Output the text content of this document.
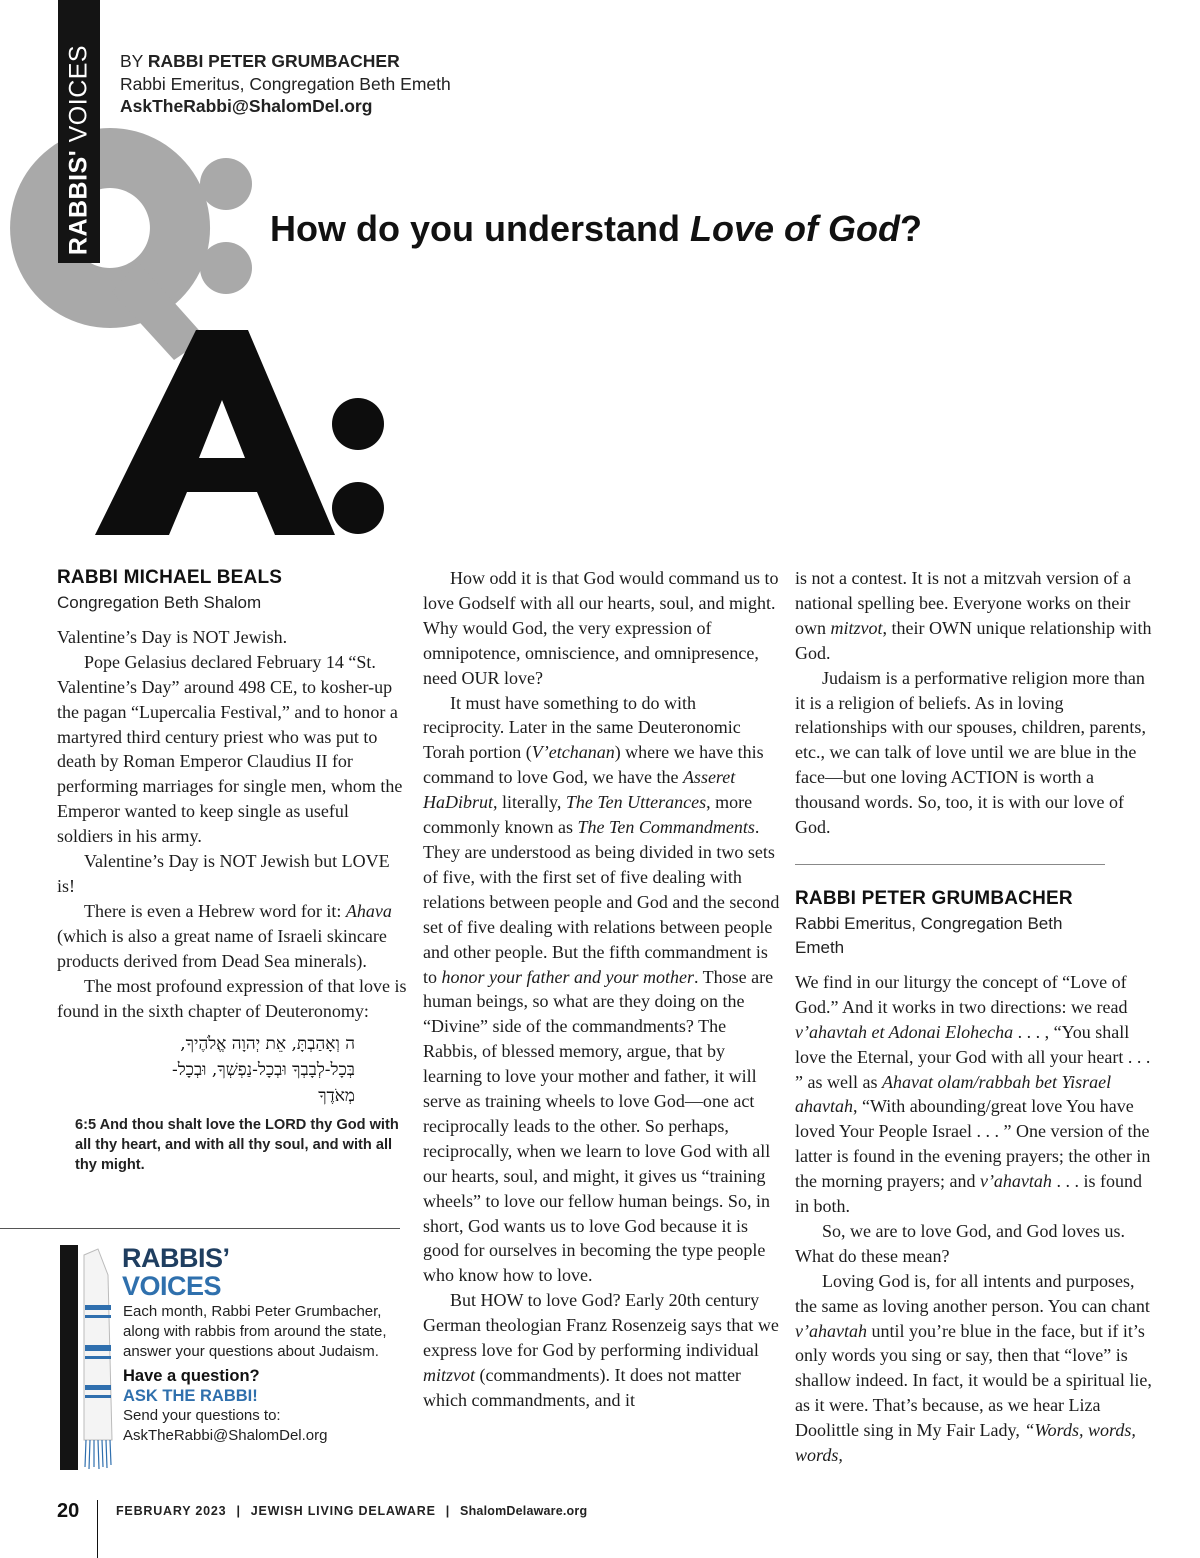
RABBIS' VOICES BY RABBI PETER GRUMBACHER
Rabbi Emeritus, Congregation Beth Emeth
AskTheRabbi@ShalomDel.org
How do you understand Love of God?
RABBI MICHAEL BEALS
Congregation Beth Shalom

Valentine’s Day is NOT Jewish.

Pope Gelasius declared February 14 “St. Valentine’s Day” around 498 CE, to kosher-up the pagan “Lupercalia Festival,” and to honor a martyred third century priest who was put to death by Roman Emperor Claudius II for performing marriages for single men, whom the Emperor wanted to keep single as useful soldiers in his army.

Valentine’s Day is NOT Jewish but LOVE is!

There is even a Hebrew word for it: Ahava (which is also a great name of Israeli skincare products derived from Dead Sea minerals).

The most profound expression of that love is found in the sixth chapter of Deuteronomy:

ה וְאָהַבְתָּ, אֵת יְהוָה אֱלֹהֶיךָ,
בְּכָל-לְבָבְךָ וּבְכָל-נַפְשְׁךָ, וּבְכָל-
מְאֹדֶךָ
6:5 And thou shalt love the LORD thy God with all thy heart, and with all thy soul, and with all thy might.
RABBIS’
VOICES
Each month, Rabbi Peter Grumbacher, along with rabbis from around the state, answer your questions about Judaism.
Have a question?
ASK THE RABBI!
Send your questions to:
AskTheRabbi@ShalomDel.org

How odd it is that God would command us to love Godself with all our hearts, soul, and might. Why would God, the very expression of omnipotence, omniscience, and omnipresence, need OUR love?

It must have something to do with reciprocity. Later in the same Deuteronomic Torah portion (V’etchanan) where we have this command to love God, we have the Asseret HaDibrut, literally, The Ten Utterances, more commonly known as The Ten Commandments. They are understood as being divided in two sets of five, with the first set of five dealing with relations between people and God and the second set of five dealing with relations between people and other people. But the fifth commandment is to honor your father and your mother. Those are human beings, so what are they doing on the “Divine” side of the commandments? The Rabbis, of blessed memory, argue, that by learning to love your mother and father, it will serve as training wheels to love God—one act reciprocally leads to the other. So perhaps, reciprocally, when we learn to love God with all our hearts, soul, and might, it gives us “training wheels” to love our fellow human beings. So, in short, God wants us to love God because it is good for ourselves in becoming the type people who know how to love.

But HOW to love God? Early 20th century German theologian Franz Rosenzeig says that we express love for God by performing individual mitzvot (commandments). It does not matter which commandments, and it

is not a contest. It is not a mitzvah version of a national spelling bee. Everyone works on their own mitzvot, their OWN unique relationship with God.

Judaism is a performative religion more than it is a religion of beliefs. As in loving relationships with our spouses, children, parents, etc., we can talk of love until we are blue in the face—but one loving ACTION is worth a thousand words. So, too, it is with our love of God.

RABBI PETER GRUMBACHER
Rabbi Emeritus, Congregation Beth Emeth

We find in our liturgy the concept of “Love of God.” And it works in two directions: we read v’ahavtah et Adonai Elohecha . . . , “You shall love the Eternal, your God with all your heart . . . ” as well as Ahavat olam/rabbah bet Yisrael ahavtah, “With abounding/great love You have loved Your People Israel . . . ” One version of the latter is found in the evening prayers; the other in the morning prayers; and v’ahavtah . . . is found in both.

So, we are to love God, and God loves us. What do these mean?

Loving God is, for all intents and purposes, the same as loving another person. You can chant v’ahavtah until you’re blue in the face, but if it’s only words you sing or say, then that “love” is shallow indeed. In fact, it would be a spiritual lie, as it were. That’s because, as we hear Liza Doolittle sing in My Fair Lady, “Words, words, words,

20	FEBRUARY 2023 | JEWISH LIVING DELAWARE | ShalomDelaware.org
